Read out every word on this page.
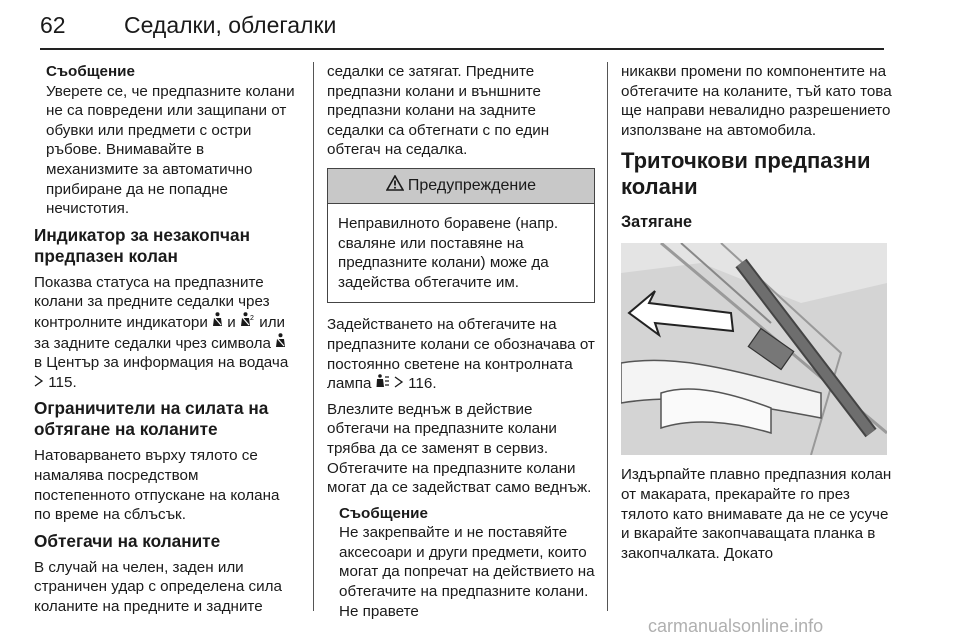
62	Седалки, облегалки

Съобщение

Уверете се, че предпазните колани не са повредени или защипани от обувки или предмети с остри ръбове. Внимавайте в механизмите за автоматично прибиране да не попадне нечистотия.

Индикатор за незакопчан предпазен колан

Показва статуса на предпазните колани за предните седалки чрез контролните индикатори  и 2 или за задните седалки чрез символа  в Център за информация на водача  115.

Ограничители на силата на обтягане на коланите

Натоварването върху тялото се намалява посредством постепенното отпускане на колана по време на сблъсък.

Обтегачи на коланите

В случай на челен, заден или страничен удар с определена сила коланите на предните и задните

седалки се затягат. Предните предпазни колани и външните предпазни колани на задните седалки са обтегнати с по един обтегач на седалка.

Предупреждение
Неправилното боравене (напр. сваляне или поставяне на предпазните колани) може да задейства обтегачите им.

Задействането на обтегачите на предпазните колани се обозначава от постоянно светене на контролната лампа   116.

Влезлите веднъж в действие обтегачи на предпазните колани трябва да се заменят в сервиз. Обтегачите на предпазните колани могат да се задействат само веднъж.

Съобщение

Не закрепвайте и не поставяйте аксесоари и други предмети, които могат да попречат на действието на обтегачите на предпазните колани. Не правете

никакви промени по компонентите на обтегачите на коланите, тъй като това ще направи невалидно разрешението използване на автомобила.

Триточкови предпазни колани
Затягане

Издърпайте плавно предпазния колан от макарата, прекарайте го през тялото като внимавате да не се усуче и вкарайте закопчаващата планка в закопчалката. Докато

carmanualsonline.info
